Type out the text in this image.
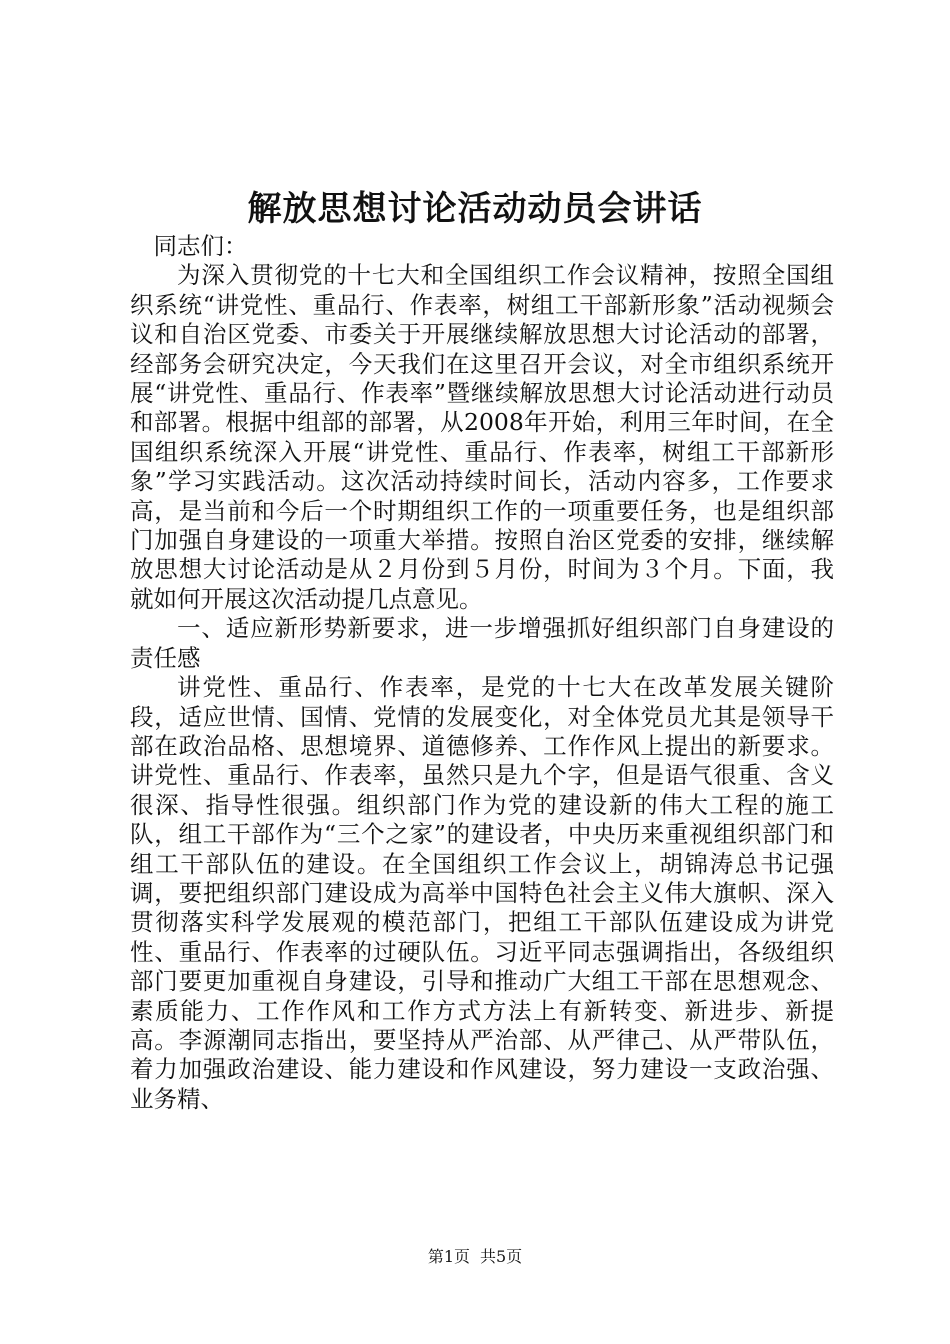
解放思想讨论活动动员会讲话

同志们：

为深入贯彻党的十七大和全国组织工作会议精神，按照全国组织系统“讲党性、重品行、作表率，树组工干部新形象”活动视频会议和自治区党委、市委关于开展继续解放思想大讨论活动的部署，经部务会研究决定，今天我们在这里召开会议，对全市组织系统开展“讲党性、重品行、作表率”暨继续解放思想大讨论活动进行动员和部署。根据中组部的部署，从2008年开始，利用三年时间，在全国组织系统深入开展“讲党性、重品行、作表率，树组工干部新形象”学习实践活动。这次活动持续时间长，活动内容多，工作要求高，是当前和今后一个时期组织工作的一项重要任务，也是组织部门加强自身建设的一项重大举措。按照自治区党委的安排，继续解放思想大讨论活动是从２月份到５月份，时间为３个月。下面，我就如何开展这次活动提几点意见。

一、适应新形势新要求，进一步增强抓好组织部门自身建设的责任感

讲党性、重品行、作表率，是党的十七大在改革发展关键阶段，适应世情、国情、党情的发展变化，对全体党员尤其是领导干部在政治品格、思想境界、道德修养、工作作风上提出的新要求。讲党性、重品行、作表率，虽然只是九个字，但是语气很重、含义很深、指导性很强。组织部门作为党的建设新的伟大工程的施工队，组工干部作为“三个之家”的建设者，中央历来重视组织部门和组工干部队伍的建设。在全国组织工作会议上，胡锦涛总书记强调，要把组织部门建设成为高举中国特色社会主义伟大旗帜、深入贯彻落实科学发展观的模范部门，把组工干部队伍建设成为讲党性、重品行、作表率的过硬队伍。习近平同志强调指出，各级组织部门要更加重视自身建设，引导和推动广大组工干部在思想观念、素质能力、工作作风和工作方式方法上有新转变、新进步、新提高。李源潮同志指出，要坚持从严治部、从严律己、从严带队伍，着力加强政治建设、能力建设和作风建设，努力建设一支政治强、业务精、

第1页 共5页
